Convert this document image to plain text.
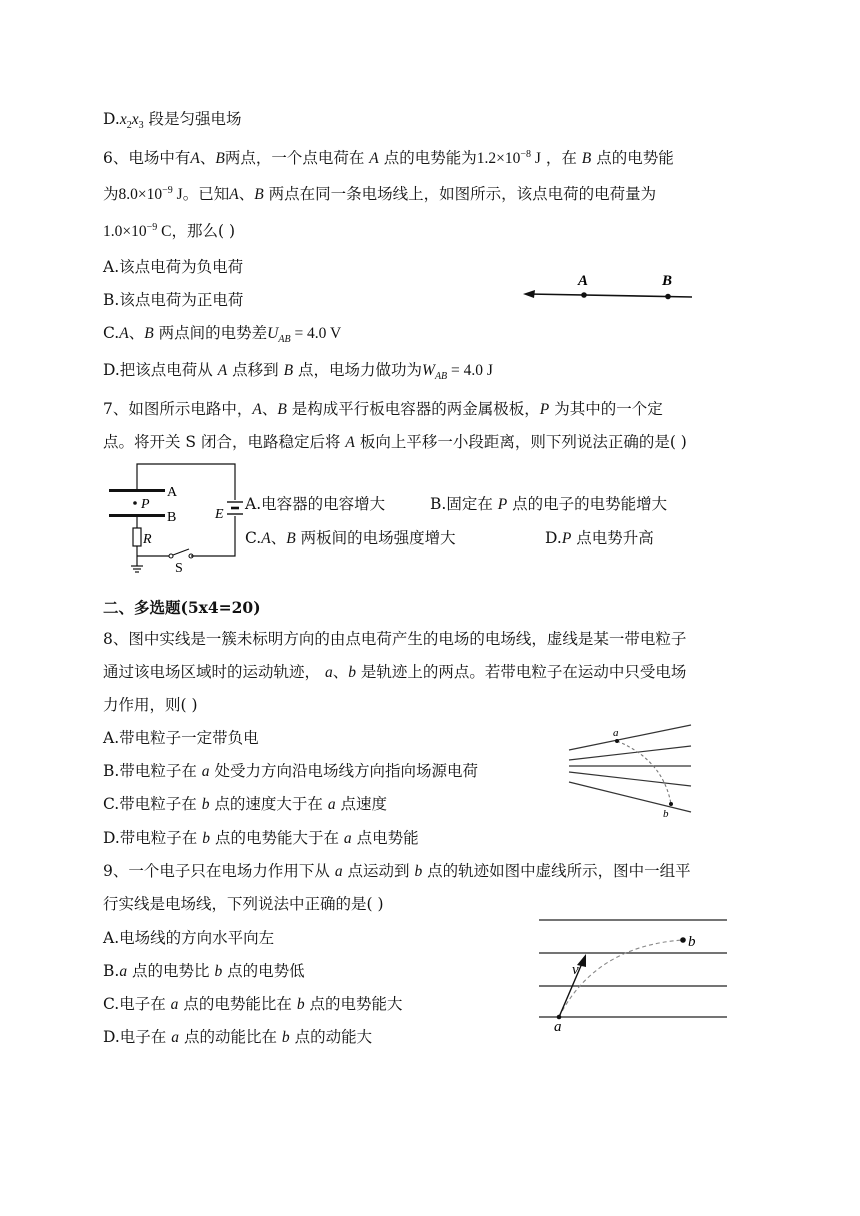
$D.x_2x_3$ 段是匀强电场
6、电场中有A、B两点，一个点电荷在 A 点的电势能为$1.2\times 10^{-8}$ J ，在 B 点的电势能
为$8.0\times 10^{-9}$ J。已知A、B 两点在同一条电场线上，如图所示，该点电荷的电荷量为
$1.0\times 10^{-9}$ C，那么( )
A.该点电荷为负电荷
B.该点电荷为正电荷
C.A、B 两点间的电势差$U_{AB} = 4.0$ V
D.把该点电荷从 A 点移到 B 点，电场力做功为$W_{AB} = 4.0$ J
A	B
7、如图所示电路中，A、B 是构成平行板电容器的两金属极板，P 为其中的一个定
点。将开关 S 闭合，电路稳定后将 A 板向上平移一小段距离，则下列说法正确的是( )
P
A
B
R
S
E
A.电容器的电容增大	B.固定在 P 点的电子的电势能增大
C.A、B 两板间的电场强度增大	D.P 点电势升高
二、多选题(5x4=20)
8、图中实线是一簇未标明方向的由点电荷产生的电场的电场线，虚线是某一带电粒子
通过该电场区域时的运动轨迹， a、b 是轨迹上的两点。若带电粒子在运动中只受电场
力作用，则( )
A.带电粒子一定带负电
B.带电粒子在 a 处受力方向沿电场线方向指向场源电荷
C.带电粒子在 b 点的速度大于在 a 点速度
D.带电粒子在 b 点的电势能大于在 a 点电势能
a
b
9、一个电子只在电场力作用下从 a 点运动到 b 点的轨迹如图中虚线所示，图中一组平
行实线是电场线，下列说法中正确的是( )
A.电场线的方向水平向左
B.a 点的电势比 b 点的电势低
C.电子在 a 点的电势能比在 b 点的电势能大
D.电子在 a 点的动能比在 b 点的动能大
a
b
v
